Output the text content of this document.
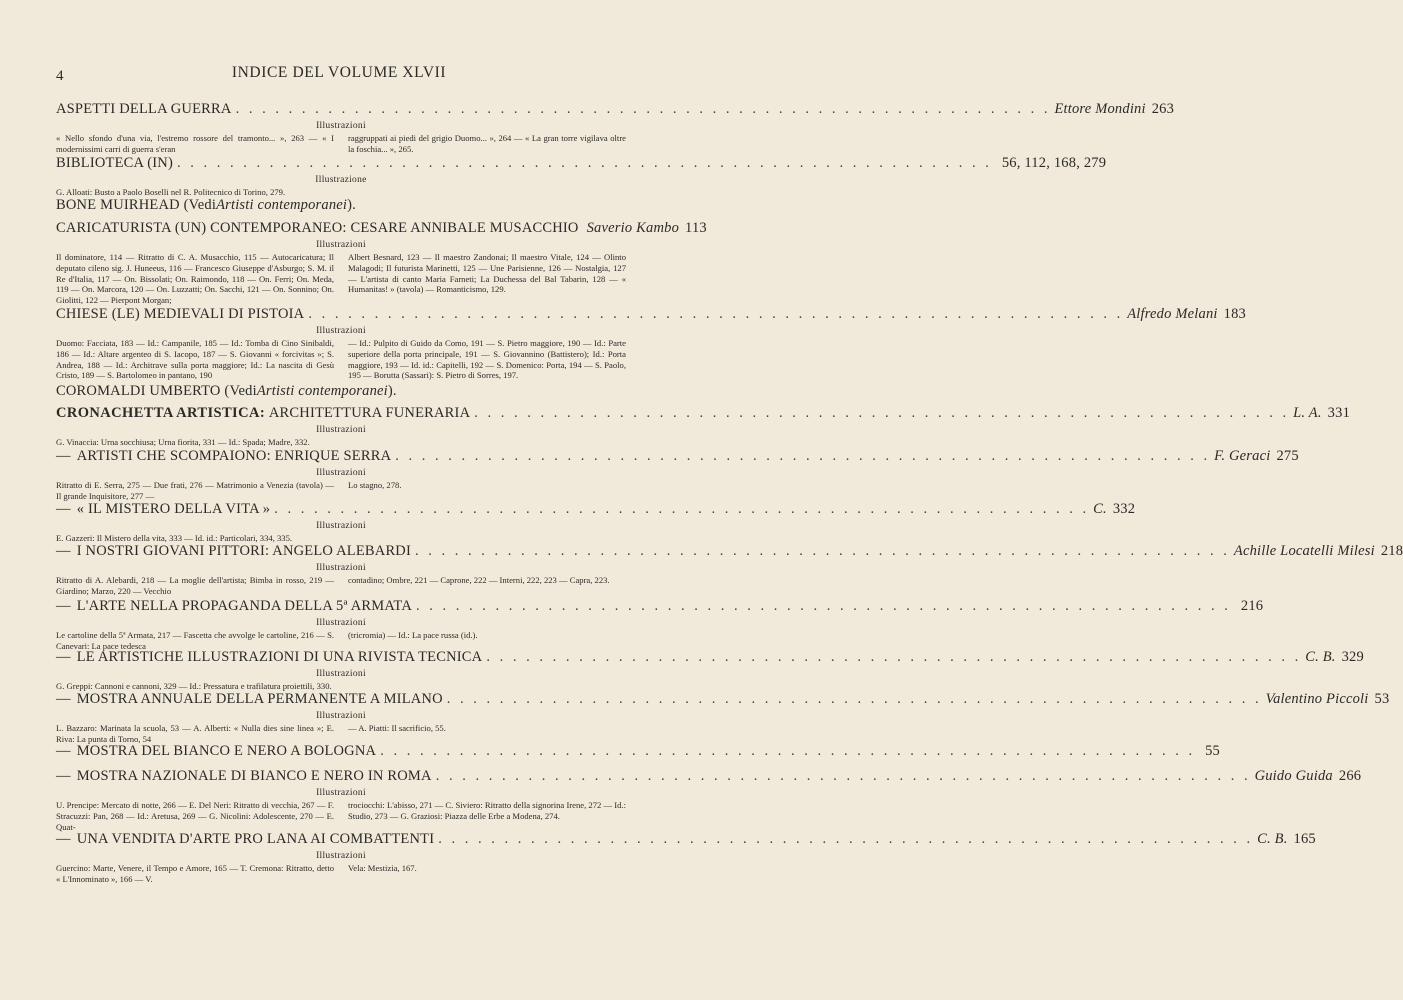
4	INDICE DEL VOLUME XLVII
ASPETTI DELLA GUERRA . . .	Ettore Mondini 263
Illustrazioni
« Nello sfondo d'una via, l'estremo rossore del tramonto... », 263 — « I modernissimi carri di guerra s'eran
raggruppati ai piedi del grigio Duomo... », 264 — « La gran torre vigilava oltre la foschia... », 265.
BIBLIOTECA (IN) . . .	56, 112, 168, 279
Illustrazione
G. Alloati: Busto a Paolo Boselli nel R. Politecnico di Torino, 279.
BONE MUIRHEAD (Vedi Artisti contemporanei ).
CARICATURISTA (UN) CONTEMPORANEO: CESARE ANNIBALE MUSACCHIO Saverio Kambo 113
Illustrazioni
Il dominatore, 114 — Ritratto di C. A. Musacchio, 115 — Autocaricatura; Il deputato cileno sig. J. Huneeus, 116 — Francesco Giuseppe d'Asburgo; S. M. il Re d'Italia, 117 — On. Bissolati; On. Raimondo, 118 — On. Ferri; On. Meda, 119 — On. Marcora, 120 — On. Luzzatti; On. Sacchi, 121 — On. Sonnino; On. Giolitti, 122 — Pierpont Morgan;
Albert Besnard, 123 — Il maestro Zandonai; Il maestro Vitale, 124 — Olinto Malagodi; Il futurista Marinetti, 125 — Une Parisienne, 126 — Nostalgia, 127 — L'artista di canto Maria Farneti; La Duchessa del Bal Tabarin, 128 — « Humanitas! » (tavola) — Romanticismo, 129.
CHIESE (LE) MEDIEVALI DI PISTOIA . . .	Alfredo Melani 183
Illustrazioni
Duomo: Facciata, 183 — Id.: Campanile, 185 — Id.: Tomba di Cino Sinibaldi, 186 — Id.: Altare argenteo di S. Iacopo, 187 — S. Giovanni « forcivitas »; S. Andrea, 188 — Id.: Architrave sulla porta maggiore; Id.: La nascita di Gesù Cristo, 189 — S. Bartolomeo in pantano, 190
— Id.: Pulpito di Guido da Como, 191 — S. Pietro maggiore, 190 — Id.: Parte superiore della porta principale, 191 — S. Giovannino (Battistero); Id.: Porta maggiore, 193 — Id. id.: Capitelli, 192 — S. Domenico: Porta, 194 — S. Paolo, 195 — Borutta (Sassari): S. Pietro di Sorres, 197.
COROMALDI UMBERTO (Vedi Artisti contemporanei ).
CRONACHETTA ARTISTICA:
ARCHITETTURA FUNERARIA . . .	L. A. 331
Illustrazioni
G. Vinaccia: Urna socchiusa; Urna fiorita, 331 — Id.: Spada; Madre, 332.
— ARTISTI CHE SCOMPAIONO: ENRIQUE SERRA . . .	F. Geraci 275
Illustrazioni
Ritratto di E. Serra, 275 — Due frati, 276 — Matrimonio a Venezia (tavola) — Il grande Inquisitore, 277 —
Lo stagno, 278.
— « IL MISTERO DELLA VITA » . . .	C. 332
Illustrazioni
E. Gazzeri: Il Mistero della vita, 333 — Id. id.: Particolari, 334, 335.
— I NOSTRI GIOVANI PITTORI: ANGELO ALEBARDI . . .	Achille Locatelli Milesi 218
Illustrazioni
Ritratto di A. Alebardi, 218 — La moglie dell'artista; Bimba in rosso, 219 — Giardino; Marzo, 220 — Vecchio
contadino; Ombre, 221 — Caprone, 222 — Interni, 222, 223 — Capra, 223.
— L'ARTE NELLA PROPAGANDA DELLA 5ª ARMATA . . .	216
Illustrazioni
Le cartoline della 5ª Armata, 217 — Fascetta che avvolge le cartoline, 216 — S. Canevari: La pace tedesca
(tricromia) — Id.: La pace russa (id.).
— LE ARTISTICHE ILLUSTRAZIONI DI UNA RIVISTA TECNICA . . .	C. B. 329
Illustrazioni
G. Greppi: Cannoni e cannoni, 329 — Id.: Pressatura e trafilatura proiettili, 330.
— MOSTRA ANNUALE DELLA PERMANENTE A MILANO . . .	Valentino Piccoli 53
Illustrazioni
L. Bazzaro: Marinata la scuola, 53 — A. Alberti: « Nulla dies sine linea »; E. Riva: La punta di Torno, 54
— A. Piatti: Il sacrificio, 55.
— MOSTRA DEL BIANCO E NERO A BOLOGNA . . .	55
— MOSTRA NAZIONALE DI BIANCO E NERO IN ROMA . . .	Guido Guida 266
Illustrazioni
U. Prencipe: Mercato di notte, 266 — E. Del Neri: Ritratto di vecchia, 267 — F. Stracuzzi: Pan, 268 — Id.: Aretusa, 269 — G. Nicolini: Adolescente, 270 — E. Quat-
trociocchi: L'abisso, 271 — C. Siviero: Ritratto della signorina Irene, 272 — Id.: Studio, 273 — G. Graziosi: Piazza delle Erbe a Modena, 274.
— UNA VENDITA D'ARTE PRO LANA AI COMBATTENTI . . .	C. B. 165
Illustrazioni
Guercino: Marte, Venere, il Tempo e Amore, 165 — T. Cremona: Ritratto, detto « L'Innominato », 166 — V.
Vela: Mestizia, 167.
